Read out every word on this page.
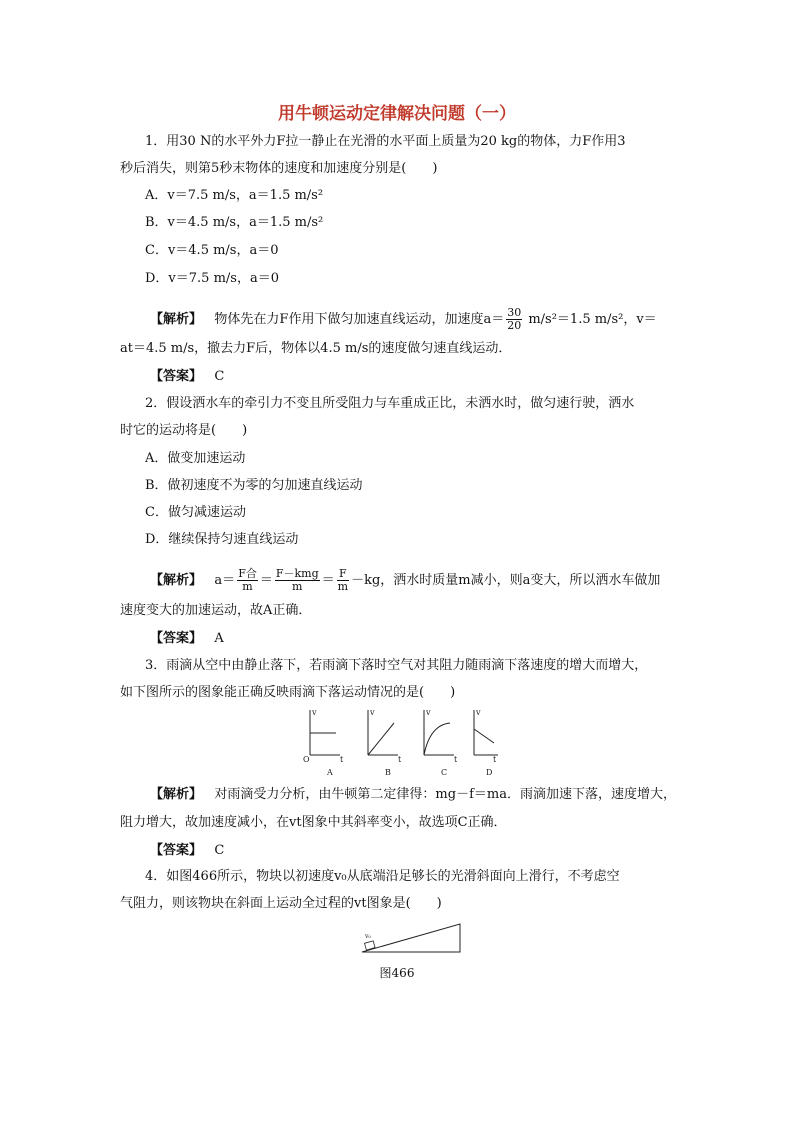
用牛顿运动定律解决问题（一）
1．用30 N的水平外力F拉一静止在光滑的水平面上质量为20 kg的物体，力F作用3
秒后消失，则第5秒末物体的速度和加速度分别是(　　)
A．v＝7.5 m/s，a＝1.5 m/s²
B．v＝4.5 m/s，a＝1.5 m/s²
C．v＝4.5 m/s，a＝0
D．v＝7.5 m/s，a＝0
【解析】 物体先在力F作用下做匀加速直线运动，加速度$a= \frac{30}{20} m/s^2=1.5$ m/s²，v＝
at＝4.5 m/s，撤去力F后，物体以4.5 m/s的速度做匀速直线运动．
【答案】 C
2．假设洒水车的牵引力不变且所受阻力与车重成正比，未洒水时，做匀速行驶，洒水
时它的运动将是(　　)
A．做变加速运动
B．做初速度不为零的匀加速直线运动
C．做匀减速运动
D．继续保持匀速直线运动
【解析】 $a= \frac{\text{F合}}{m} = \frac{\text{F－kmg}}{m} = \frac{F}{m} -kg$，洒水时质量m减小，则a变大，所以洒水车做加
速度变大的加速运动，故A正确．
【答案】 A
3．雨滴从空中由静止落下，若雨滴下落时空气对其阻力随雨滴下落速度的增大而增大，
如下图所示的图象能正确反映雨滴下落运动情况的是(　　)
O
v
t
v
t
v
t
v
t
A	B	C	D
【解析】 对雨滴受力分析，由牛顿第二定律得：mg－f＝ma．雨滴加速下落，速度增大，
阻力增大，故加速度减小，在vt图象中其斜率变小，故选项C正确．
【答案】 C
4．如图466所示，物块以初速度v₀从底端沿足够长的光滑斜面向上滑行，不考虑空
气阻力，则该物块在斜面上运动全过程的vt图象是(　　)
v₀
图466
